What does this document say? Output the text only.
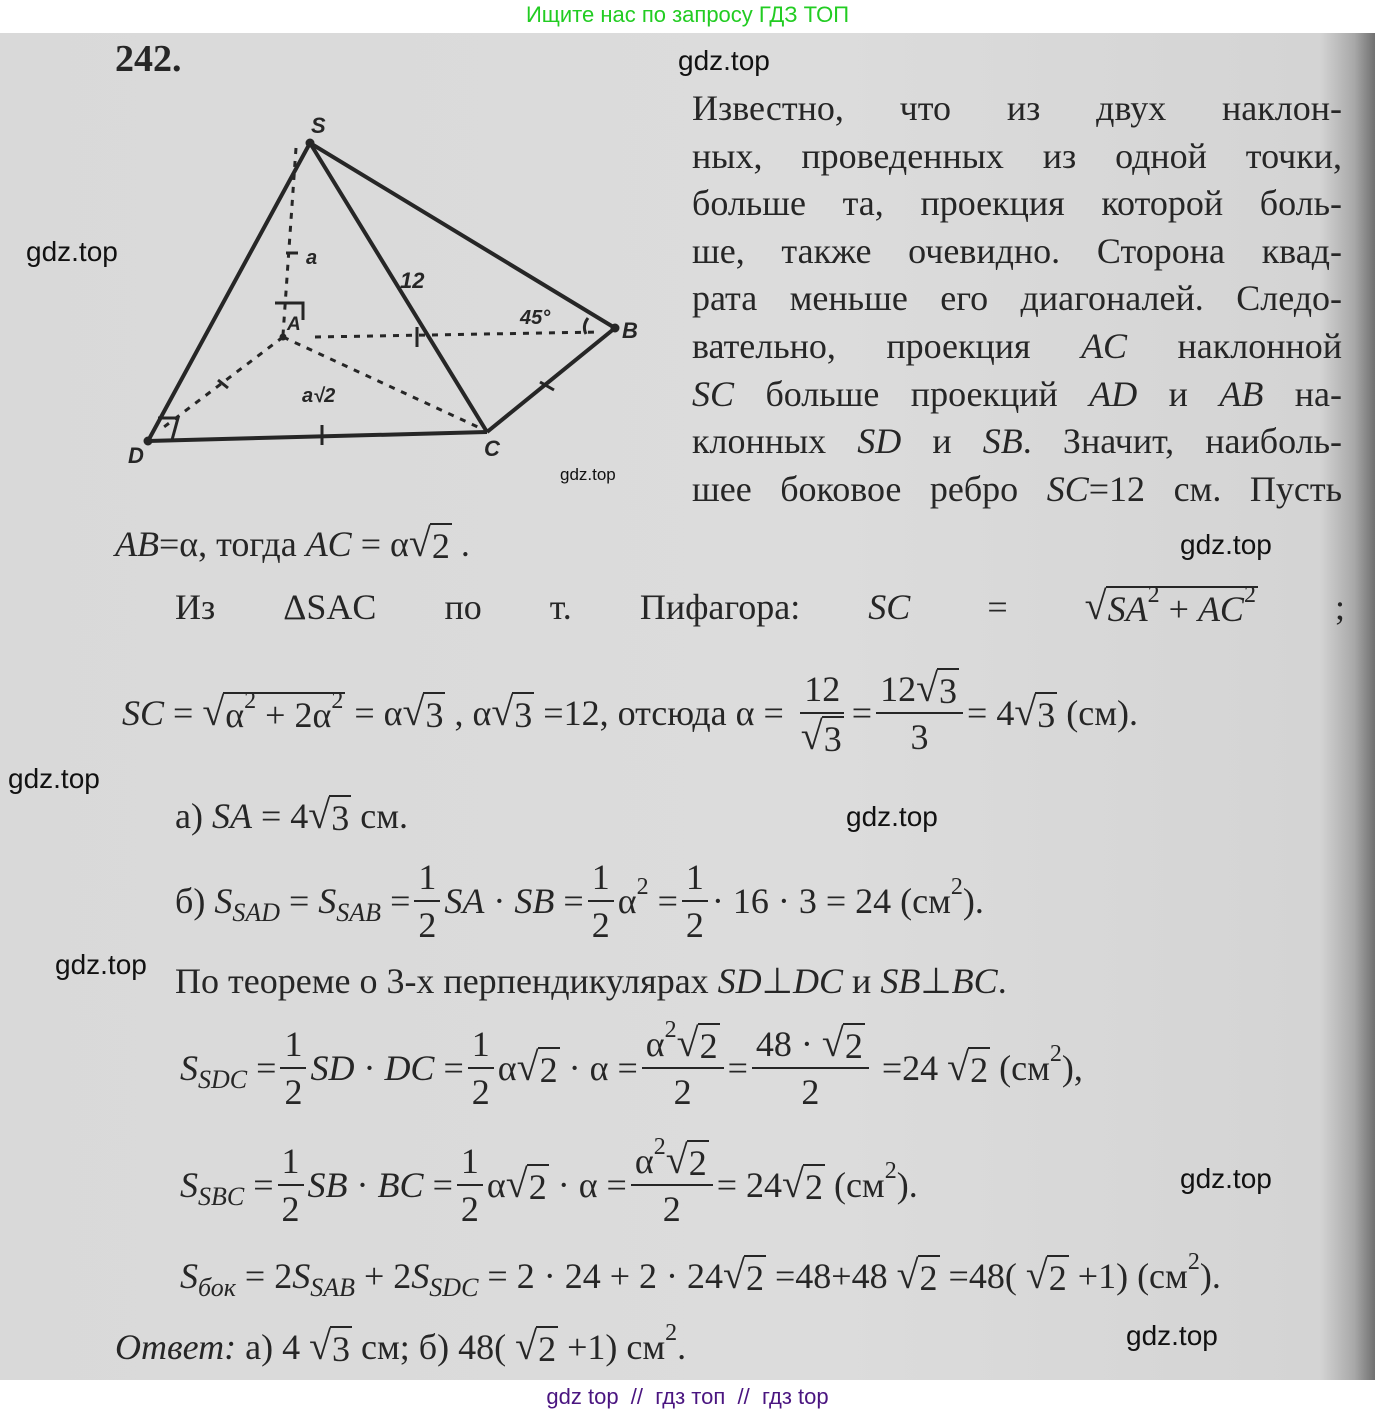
Ищите нас по запросу ГДЗ ТОП
242.
S
A	B
C
D
a
12
a√2
45°
Известно, что из двух наклон-
ных, проведенных из одной точки,
больше та, проекция которой боль-
ше, также очевидно. Сторона квад-
рата меньше его диагоналей. Следо-
вательно, проекция AC наклонной
SC больше проекций AD и AB на-
клонных SD и SB. Значит, наиболь-
шее боковое ребро SC=12 см. Пусть
AB =α, тогда AC = α √ 2 .
Из ΔSAC по т. Пифагора: SC =	√ SA 2 + AC 2 ;
SC = √ α 2 + 2α 2 = α √ 3 , α √ 3 =12, отсюда α = 12
√ $3 = \frac{12 √ 3}{3} = 4$ √ 3 (см).
а) SA = 4 √ 3 см.
б) S SAD = S SAB = $\frac{1}{2}$ SA · SB = $\frac{1}{2}$ α $2 = \frac{1}{2} \cdot 16 \cdot 3 = 24$ (см 2 ).
По теореме о 3-х перпендикулярах SD ⊥ DC и SB ⊥ BC .
S SDC = $\frac{1}{2}$ SD · DC = $\frac{1}{2}$ α √ $2 \cdot \alpha = \frac{\alpha 2 √ 2}{2} = \frac{48 \cdot √ 2}{2} =24$ √ 2 (см 2 ),
S SBC = $\frac{1}{2}$ SB · BC = $\frac{1}{2}$ α √ $2 \cdot \alpha = \frac{\alpha 2 √ 2}{2} = 24$ √ 2 (см 2 ).
S бок = 2 S SAB + 2 S SDC = 2 · 24 + 2 · 24 √ 2 =48+48 √ 2 =48( √ 2 +1) (см 2 ).
Ответ: а) 4 √ 3 см; б) 48( √ 2 +1) см 2 .
gdz.top
gdz.top
gdz.top
gdz.top
gdz.top
gdz.top
gdz.top
gdz.top
gdz.top
gdz top  //  гдз топ  //  гдз top
